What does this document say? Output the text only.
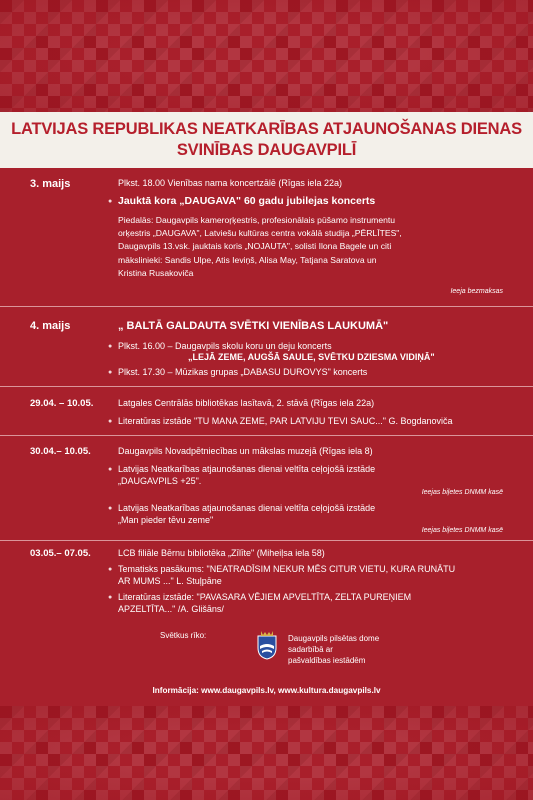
LATVIJAS REPUBLIKAS NEATKARĪBAS ATJAUNOŠANAS DIENAS
SVINĪBAS DAUGAVPILĪ
3. maijs	Plkst. 18.00 Vienības nama koncertzālē (Rīgas iela 22a)
● Jauktā kora „DAUGAVA" 60 gadu jubilejas koncerts
Piedalās: Daugavpils kameroŗķestris, profesionālais pūšamo instrumentu
orķestris „DAUGAVA", Latviešu kultūras centra vokālā studija „PĒRLĪTES",
Daugavpils 13.vsk. jauktais koris „NOJAUTA", solisti Ilona Bagele un citi
mākslinieki: Sandis Ulpe, Atis Ieviņš, Alisa May, Tatjana Saratova un
Kristina Rusakoviča
Ieeja bezmaksas
4. maijs	„ BALTĀ GALDAUTA SVĒTKI VIENĪBAS LAUKUMĀ"
● Plkst. 16.00 – Daugavpils skolu koru un deju koncerts
„LEJĀ ZEME, AUGŠĀ SAULE, SVĒTKU DZIESMA VIDIŅĀ"
● Plkst. 17.30 – Mūzikas grupas „DABASU DUROVYS" koncerts
29.04. – 10.05.	Latgales Centrālās bibliotēkas lasītavā, 2. stāvā (Rīgas iela 22a)
● Literatūras izstāde "TU MANA ZEME, PAR LATVIJU TEVI SAUC..." G. Bogdanoviča
30.04.– 10.05.	Daugavpils Novadpētniecības un mākslas muzejā (Rīgas iela 8)
● Latvijas Neatkarības atjaunošanas dienai veltīta ceļojošā izstāde
„DAUGAVPILS +25".
Ieejas biļetes DNMM kasē
● Latvijas Neatkarības atjaunošanas dienai veltīta ceļojošā izstāde
„Man pieder tēvu zeme"
Ieejas biļetes DNMM kasē
03.05.– 07.05.	LCB filiāle Bērnu bibliotēka „Zīlīte" (Miheiļsa iela 58)
● Tematisks pasākums: "NEATRADĪSIM NEKUR MĒS CITUR VIETU, KURA RUNĀTU
AR MUMS ..." L. Stuļpāne
● Literatūras izstāde: "PAVASARA VĒJIEM APVELTĪTA, ZELTA PUREŅIEM
APZELTĪTA..." /A. Glišāns/
Svētkus rīko:	Daugavpils pilsētas dome
sadarbībā ar
pašvaldības iestādēm
Informācija: www.daugavpils.lv, www.kultura.daugavpils.lv
